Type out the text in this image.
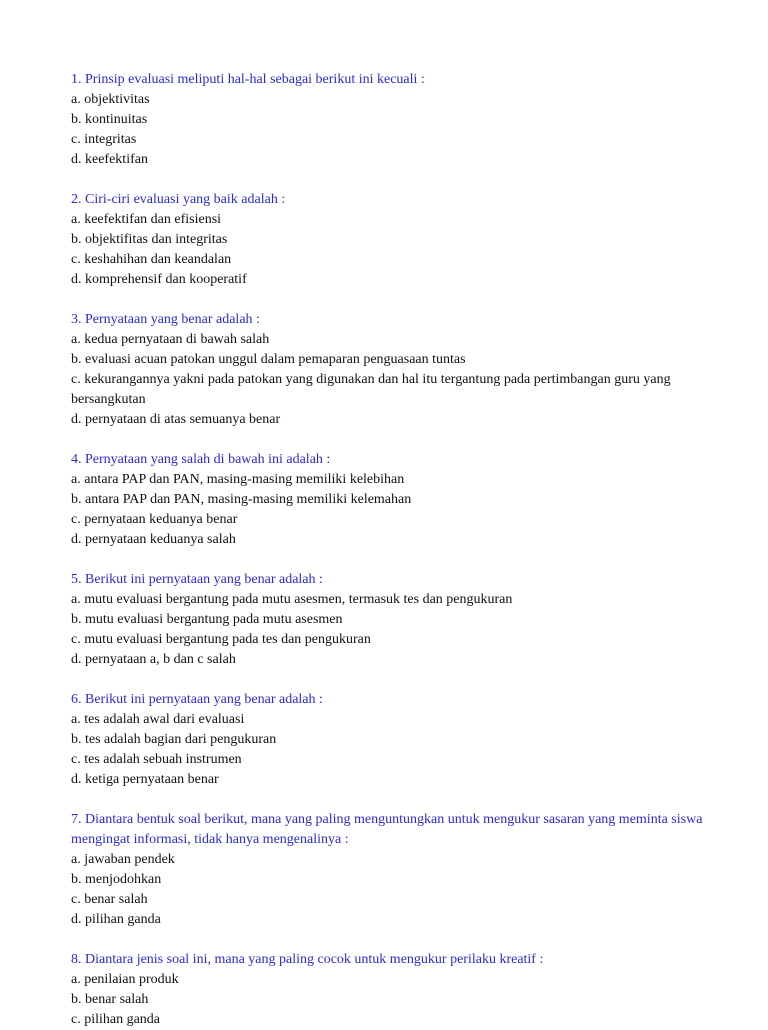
1. Prinsip evaluasi meliputi hal-hal sebagai berikut ini kecuali :

a. objektivitas

b. kontinuitas

c. integritas

d. keefektifan

2. Ciri-ciri evaluasi yang baik adalah :

a. keefektifan dan efisiensi

b. objektifitas dan integritas

c. keshahihan dan keandalan

d. komprehensif dan kooperatif

3. Pernyataan yang benar adalah :

a. kedua pernyataan di bawah salah

b. evaluasi acuan patokan unggul dalam pemaparan penguasaan tuntas

c. kekurangannya yakni pada patokan yang digunakan dan hal itu tergantung pada pertimbangan guru yang bersangkutan

d. pernyataan di atas semuanya benar

4. Pernyataan yang salah di bawah ini adalah :

a. antara PAP dan PAN, masing-masing memiliki kelebihan

b. antara PAP dan PAN, masing-masing memiliki kelemahan

c. pernyataan keduanya benar

d. pernyataan keduanya salah

5. Berikut ini pernyataan yang benar adalah :

a. mutu evaluasi bergantung pada mutu asesmen, termasuk tes dan pengukuran

b. mutu evaluasi bergantung pada mutu asesmen

c. mutu evaluasi bergantung pada tes dan pengukuran

d. pernyataan a, b dan c salah

6. Berikut ini pernyataan yang benar adalah :

a. tes adalah awal dari evaluasi

b. tes adalah bagian dari pengukuran

c. tes adalah sebuah instrumen

d. ketiga pernyataan benar

7. Diantara bentuk soal berikut, mana yang paling menguntungkan untuk mengukur sasaran yang meminta siswa mengingat informasi, tidak hanya mengenalinya :

a. jawaban pendek

b. menjodohkan

c. benar salah

d. pilihan ganda

8. Diantara jenis soal ini, mana yang paling cocok untuk mengukur perilaku kreatif :

a. penilaian produk

b. benar salah

c. pilihan ganda
